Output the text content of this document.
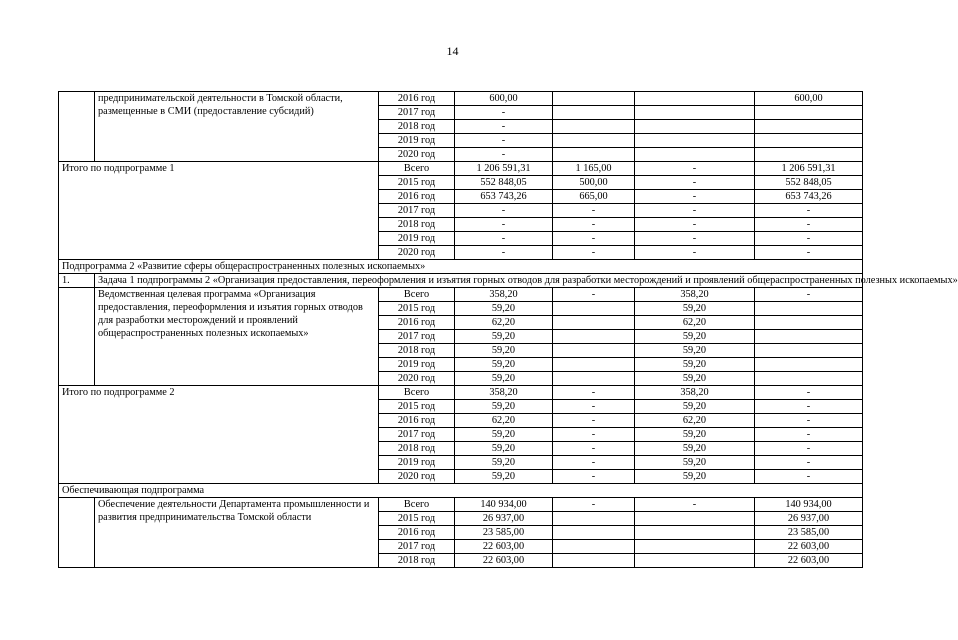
14
	предпринимательской деятельности в Томской области, размещенные в СМИ (предоставление субсидий)	2016 год	600,00			600,00
		2017 год	-			
		2018 год	-			
		2019 год	-			
		2020 год	-			
Итого по подпрограмме 1		Всего	1 206 591,31	1 165,00	-	1 206 591,31
		2015 год	552 848,05	500,00	-	552 848,05
		2016 год	653 743,26	665,00	-	653 743,26
		2017 год	-	-	-	-
		2018 год	-	-	-	-
		2019 год	-	-	-	-
		2020 год	-	-	-	-
Подпрограмма 2 «Развитие сферы общераспространенных полезных ископаемых»						
1.	Задача 1 подпрограммы 2 «Организация предоставления, переоформления и изъятия горных отводов для разработки месторождений и проявлений общераспространенных полезных ископаемых»					
	Ведомственная целевая программа «Организация предоставления, переоформления и изъятия горных отводов для разработки месторождений и проявлений общераспространенных полезных ископаемых»	Всего	358,20	-	358,20	-
		2015 год	59,20		59,20	
		2016 год	62,20		62,20	
		2017 год	59,20		59,20	
		2018 год	59,20		59,20	
		2019 год	59,20		59,20	
		2020 год	59,20		59,20	
Итого по подпрограмме 2		Всего	358,20	-	358,20	-
		2015 год	59,20	-	59,20	-
		2016 год	62,20	-	62,20	-
		2017 год	59,20	-	59,20	-
		2018 год	59,20	-	59,20	-
		2019 год	59,20	-	59,20	-
		2020 год	59,20	-	59,20	-
Обеспечивающая подпрограмма						
	Обеспечение деятельности Департамента промышленности и развития предпринимательства Томской области	Всего	140 934,00	-	-	140 934,00
		2015 год	26 937,00			26 937,00
		2016 год	23 585,00			23 585,00
		2017 год	22 603,00			22 603,00
		2018 год	22 603,00			22 603,00
